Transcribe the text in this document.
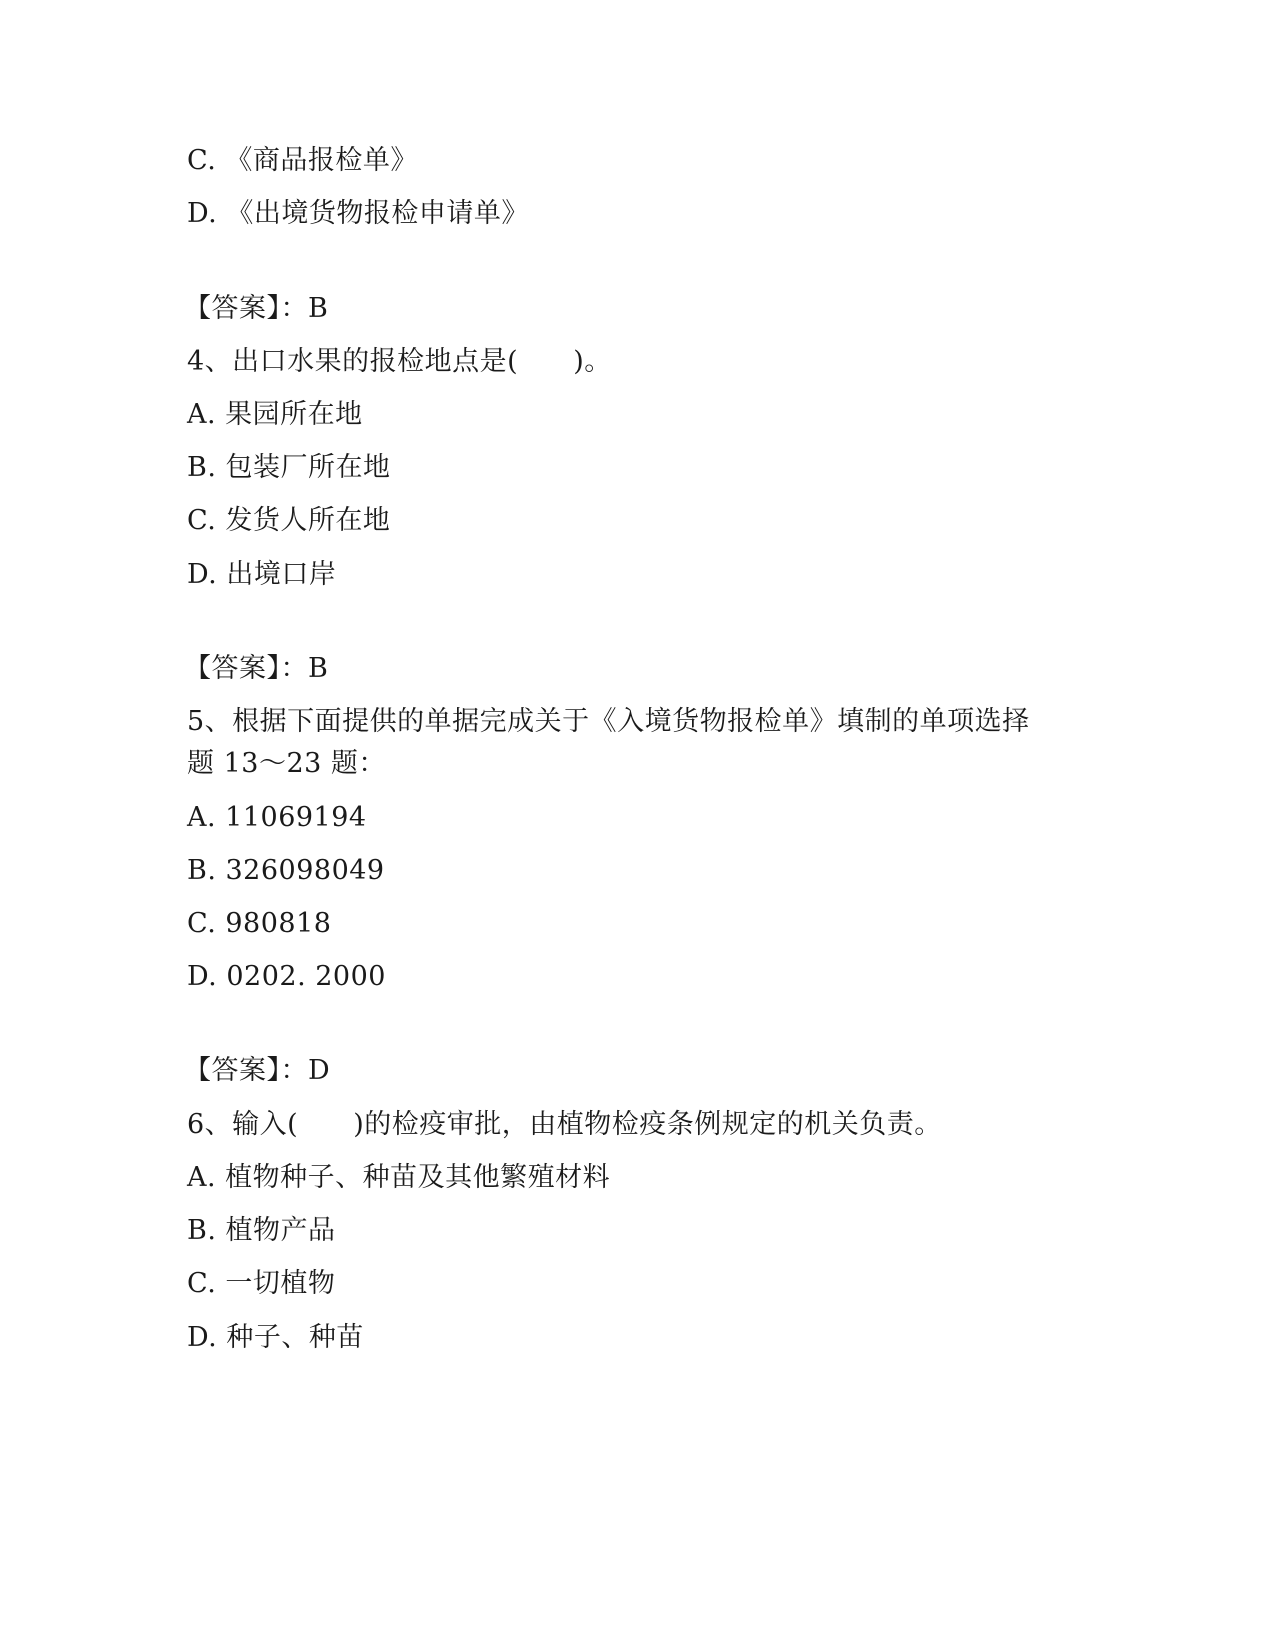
C. 《商品报检单》
D. 《出境货物报检申请单》
【答案】：B
4、出口水果的报检地点是(　　)。
A. 果园所在地
B. 包装厂所在地
C. 发货人所在地
D. 出境口岸
【答案】：B
5、根据下面提供的单据完成关于《入境货物报检单》填制的单项选择
题 13～23 题：
A. 11069194
B. 326098049
C. 980818
D. 0202. 2000
【答案】：D
6、输入(　　)的检疫审批，由植物检疫条例规定的机关负责。
A. 植物种子、种苗及其他繁殖材料
B. 植物产品
C. 一切植物
D. 种子、种苗
